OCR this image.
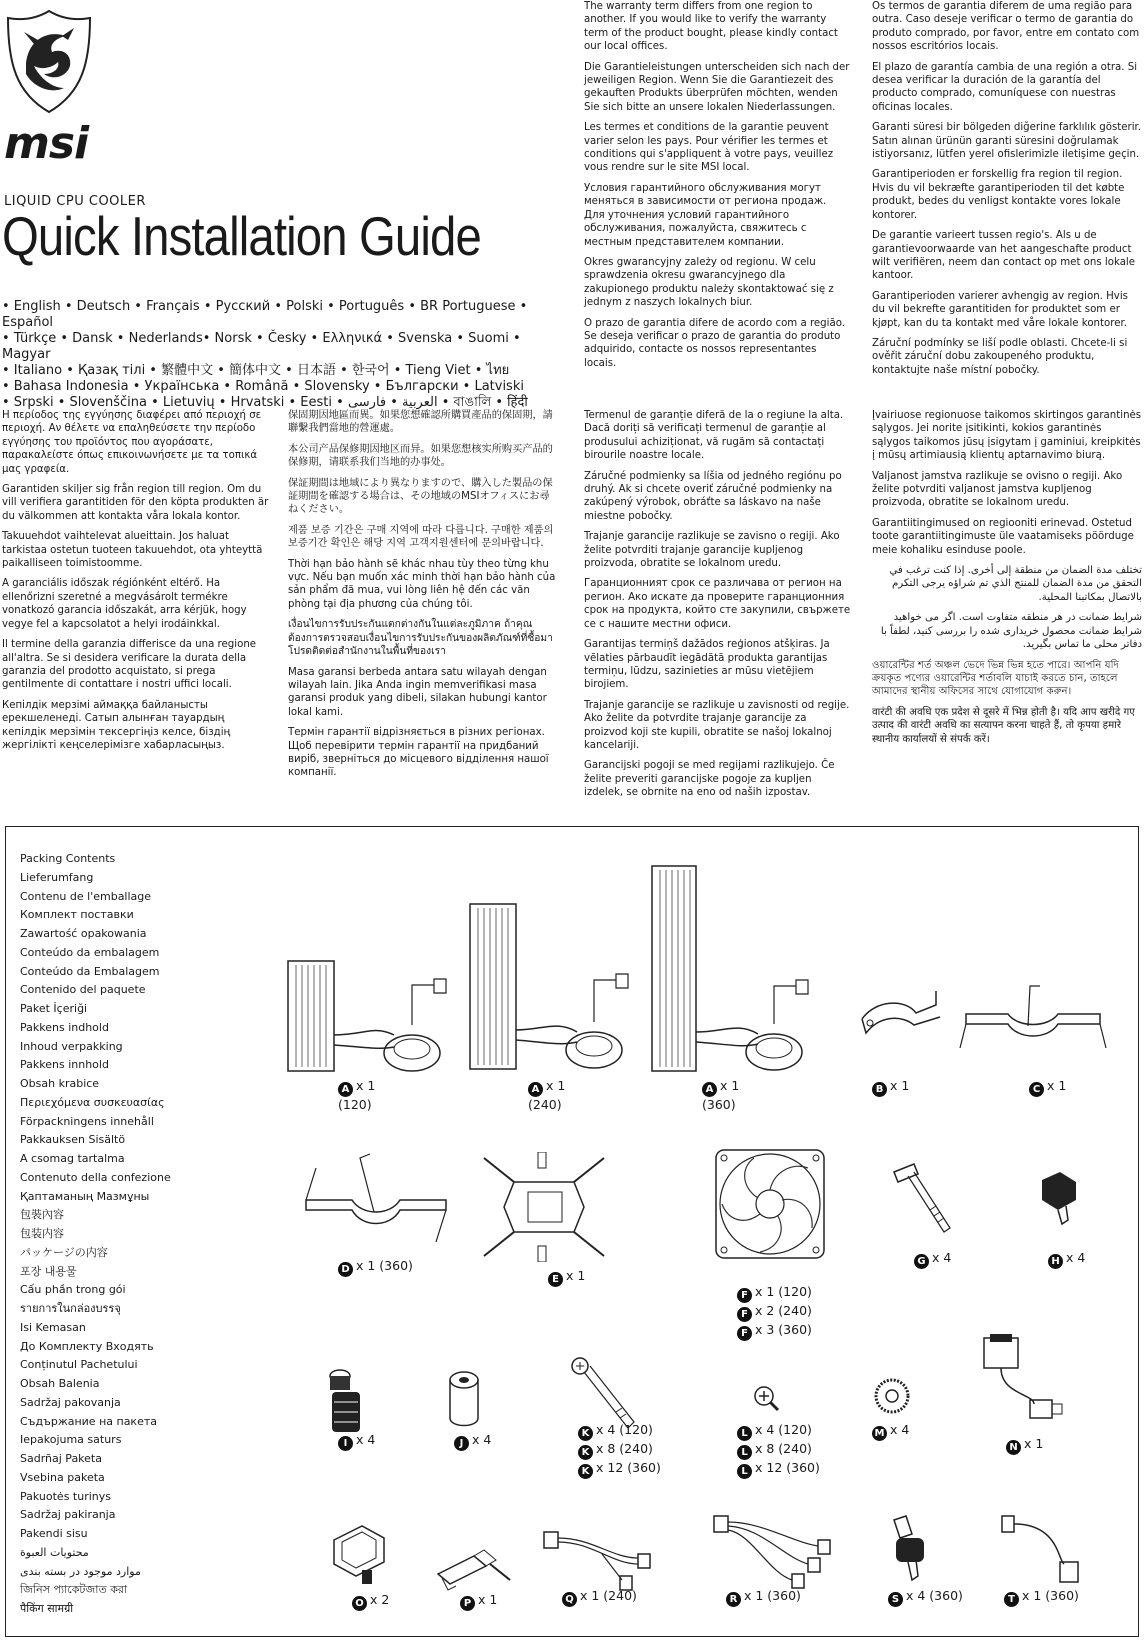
msi
LIQUID CPU COOLER
Quick Installation Guide
• English • Deutsch • Français • Русский • Polski • Português • BR Portuguese • Español
• Türkçe • Dansk • Nederlands• Norsk • Česky • Ελληνικά • Svenska • Suomi • Magyar
• Italiano • Қазақ тілі • 繁體中文 • 簡体中文 • 日本語 • 한국어 • Tieng Viet • ไทย
• Bahasa Indonesia • Українська • Română • Slovensky • Български • Latviski
• Srpski • Slovenščina • Lietuvių • Hrvatski • Eesti • العربية • فارسی • বাঙালি • हिंदी

The warranty term differs from one region to another. If you would like to verify the warranty term of the product bought, please kindly contact our local offices.

Die Garantieleistungen unterscheiden sich nach der jeweiligen Region. Wenn Sie die Garantiezeit des gekauften Produkts überprüfen möchten, wenden Sie sich bitte an unsere lokalen Niederlassungen.

Les termes et conditions de la garantie peuvent varier selon les pays. Pour vérifier les termes et conditions qui s'appliquent à votre pays, veuillez vous rendre sur le site MSI local.

Условия гарантийного обслуживания могут меняться в зависимости от региона продаж. Для уточнения условий гарантийного обслуживания, пожалуйста, свяжитесь с местным представителем компании.

Okres gwarancyjny zależy od regionu. W celu sprawdzenia okresu gwarancyjnego dla zakupionego produktu należy skontaktować się z jednym z naszych lokalnych biur.

O prazo de garantia difere de acordo com a região. Se deseja verificar o prazo de garantia do produto adquirido, contacte os nossos representantes locais.

Os termos de garantia diferem de uma região para outra. Caso deseje verificar o termo de garantia do produto comprado, por favor, entre em contato com nossos escritórios locais.

El plazo de garantía cambia de una región a otra. Si desea verificar la duración de la garantía del producto comprado, comuníquese con nuestras oficinas locales.

Garanti süresi bir bölgeden diğerine farklılık gösterir. Satın alınan ürünün garanti süresini doğrulamak istiyorsanız, lütfen yerel ofislerimizle iletişime geçin.

Garantiperioden er forskellig fra region til region. Hvis du vil bekræfte garantiperioden til det købte produkt, bedes du venligst kontakte vores lokale kontorer.

De garantie varieert tussen regio's. Als u de garantievoorwaarde van het aangeschafte product wilt verifiëren, neem dan contact op met ons lokale kantoor.

Garantiperioden varierer avhengig av region. Hvis du vil bekrefte garantitiden for produktet som er kjøpt, kan du ta kontakt med våre lokale kontorer.

Záruční podmínky se liší podle oblasti. Chcete-li si ověřit záruční dobu zakoupeného produktu, kontaktujte naše místní pobočky.

Η περίοδος της εγγύησης διαφέρει από περιοχή σε περιοχή. Αν θέλετε να επαληθεύσετε την περίοδο εγγύησης του προϊόντος που αγοράσατε, παρακαλείστε όπως επικοινωνήσετε με τα τοπικά μας γραφεία.

Garantiden skiljer sig från region till region. Om du vill verifiera garantitiden för den köpta produkten är du välkommen att kontakta våra lokala kontor.

Takuuehdot vaihtelevat alueittain. Jos haluat tarkistaa ostetun tuoteen takuuehdot, ota yhteyttä paikalliseen toimistoomme.

A garanciális időszak régiónként eltérő. Ha ellenőrizni szeretné a megvásárolt termékre vonatkozó garancia időszakát, arra kérjük, hogy vegye fel a kapcsolatot a helyi irodáinkkal.

Il termine della garanzia differisce da una regione all'altra. Se si desidera verificare la durata della garanzia del prodotto acquistato, si prega gentilmente di contattare i nostri uffici locali.

Кепілдік мерзімі аймаққа байланысты ерекшеленеді. Сатып алынған тауардың кепілдік мерзімін тексергіңіз келсе, біздің жергілікті кеңселерімізге хабарласыңыз.

保固期因地區而異。如果您想確認所購買產品的保固期，請聯繫我們當地的營運處。

本公司产品保修期因地区而异。如果您想核实所购买产品的保修期，请联系我们当地的办事处。

保証期間は地域により異なりますので、購入した製品の保証期間を確認する場合は、その地域のMSIオフィスにお尋ねください。

제품 보증 기간은 구매 지역에 따라 다릅니다. 구매한 제품의 보증기간 확인은 해당 지역 고객지원센터에 문의바랍니다.

Thời hạn bảo hành sẽ khác nhau tùy theo từng khu vực. Nếu bạn muốn xác minh thời hạn bảo hành của sản phẩm đã mua, vui lòng liên hệ đến các văn phòng tại địa phương của chúng tôi.

เงื่อนไขการรับประกันแตกต่างกันในแต่ละภูมิภาค ถ้าคุณต้องการตรวจสอบเงื่อนไขการรับประกันของผลิตภัณฑ์ที่ซื้อมา โปรดติดต่อสำนักงานในพื้นที่ของเรา

Masa garansi berbeda antara satu wilayah dengan wilayah lain. Jika Anda ingin memverifikasi masa garansi produk yang dibeli, silakan hubungi kantor lokal kami.

Термін гарантії відрізняється в різних регіонах. Щоб перевірити термін гарантії на придбаний виріб, зверніться до місцевого відділення нашої компанії.

Termenul de garanție diferă de la o regiune la alta. Dacă doriți să verificați termenul de garanție al produsului achiziționat, vă rugăm să contactați birourile noastre locale.

Záručné podmienky sa líšia od jedného regiónu po druhý. Ak si chcete overiť záručné podmienky na zakúpený výrobok, obráťte sa láskavo na naše miestne pobočky.

Trajanje garancije razlikuje se zavisno o regiji. Ako želite potvrditi trajanje garancije kupljenog proizvoda, obratite se lokalnom uredu.

Гаранционният срок се различава от регион на регион. Ако искате да проверите гаранционния срок на продукта, който сте закупили, свържете се с нашите местни офиси.

Garantijas termiņš dažādos reģionos atšķiras. Ja vēlaties pārbaudīt iegādātā produkta garantijas termiņu, lūdzu, sazinieties ar mūsu vietējiem birojiem.

Trajanje garancije se razlikuje u zavisnosti od regije. Ako želite da potvrdite trajanje garancije za proizvod koji ste kupili, obratite se našoj lokalnoj kancelariji.

Garancijski pogoji se med regijami razlikujejo. Če želite preveriti garancijske pogoje za kupljen izdelek, se obrnite na eno od naših izpostav.

Įvairiuose regionuose taikomos skirtingos garantinės sąlygos. Jei norite įsitikinti, kokios garantinės sąlygos taikomos jūsų įsigytam į gaminiui, kreipkitės į mūsų artimiausią klientų aptarnavimo biurą.

Valjanost jamstva razlikuje se ovisno o regiji. Ako želite potvrditi valjanost jamstva kupljenog proizvoda, obratite se lokalnom uredu.

Garantiitingimused on regiooniti erinevad. Ostetud toote garantiitingimuste üle vaatamiseks pöörduge meie kohaliku esinduse poole.

تختلف مدة الضمان من منطقة إلى أخرى. إذا كنت ترغب في التحقق من مدة الضمان للمنتج الذي تم شراؤه يرجى التكرم بالاتصال بمكاتبنا المحلية.

شرایط ضمانت در هر منطقه متفاوت است. اگر می خواهید شرایط ضمانت محصول خریداری شده را بررسی کنید، لطفاً با دفاتر محلی ما تماس بگیرید.

ওয়ারেন্টির শর্ত অঞ্চল ভেদে ভিন্ন ভিন্ন হতে পারে। আপনি যদি ক্রয়কৃত পণ্যের ওয়ারেন্টির শর্তাবলি যাচাই করতে চান, তাহলে আমাদের স্থানীয় অফিসের সাথে যোগাযোগ করুন।

वारंटी की अवधि एक प्रदेश से दूसरे में भिन्न होती है। यदि आप खरीदे गए उत्पाद की वारंटी अवधि का सत्यापन करना चाहते हैं, तो कृपया हमारे स्थानीय कार्यालयों से संपर्क करें।

Packing Contents
Lieferumfang
Contenu de l'emballage
Комплект поставки
Zawartość opakowania
Conteúdo da embalagem
Conteúdo da Embalagem
Contenido del paquete
Paket İçeriği
Pakkens indhold
Inhoud verpakking
Pakkens innhold
Obsah krabice
Περιεχόμενα συσκευασίας
Förpackningens innehåll
Pakkauksen Sisältö
A csomag tartalma
Contenuto della confezione
Қаптаманың Мазмұны
包裝內容
包装内容
パッケージの内容
포장 내용물
Cấu phần trong gói
รายการในกล่องบรรจุ
Isi Kemasan
До Комплекту Входять
Conținutul Pachetului
Obsah Balenia
Sadržaj pakovanja
Съдържание на пакета
Iepakojuma saturs
Sadrñaj Paketa
Vsebina paketa
Pakuotės turinys
Sadržaj pakiranja
Pakendi sisu
محتويات العبوة
موارد موجود در بسته بندی
জিনিস প্যাকেটজাত করা
पैकिंग सामग्री
A x 1
(120)
A x 1
(240)
A x 1
(360)
B x 1	C x 1
D x 1 (360)
E x 1
F x 1 (120)
F x 2 (240)
F x 3 (360)
G x 4	H x 4
I x 4	J x 4	K x 4 (120)
K x 8 (240)
K x 12 (360)
L x 4 (120)
L x 8 (240)
L x 12 (360)
M x 4
N x 1
O x 2	P x 1	Q x 1 (240)	R x 1 (360)	S x 4 (360)	T x 1 (360)
